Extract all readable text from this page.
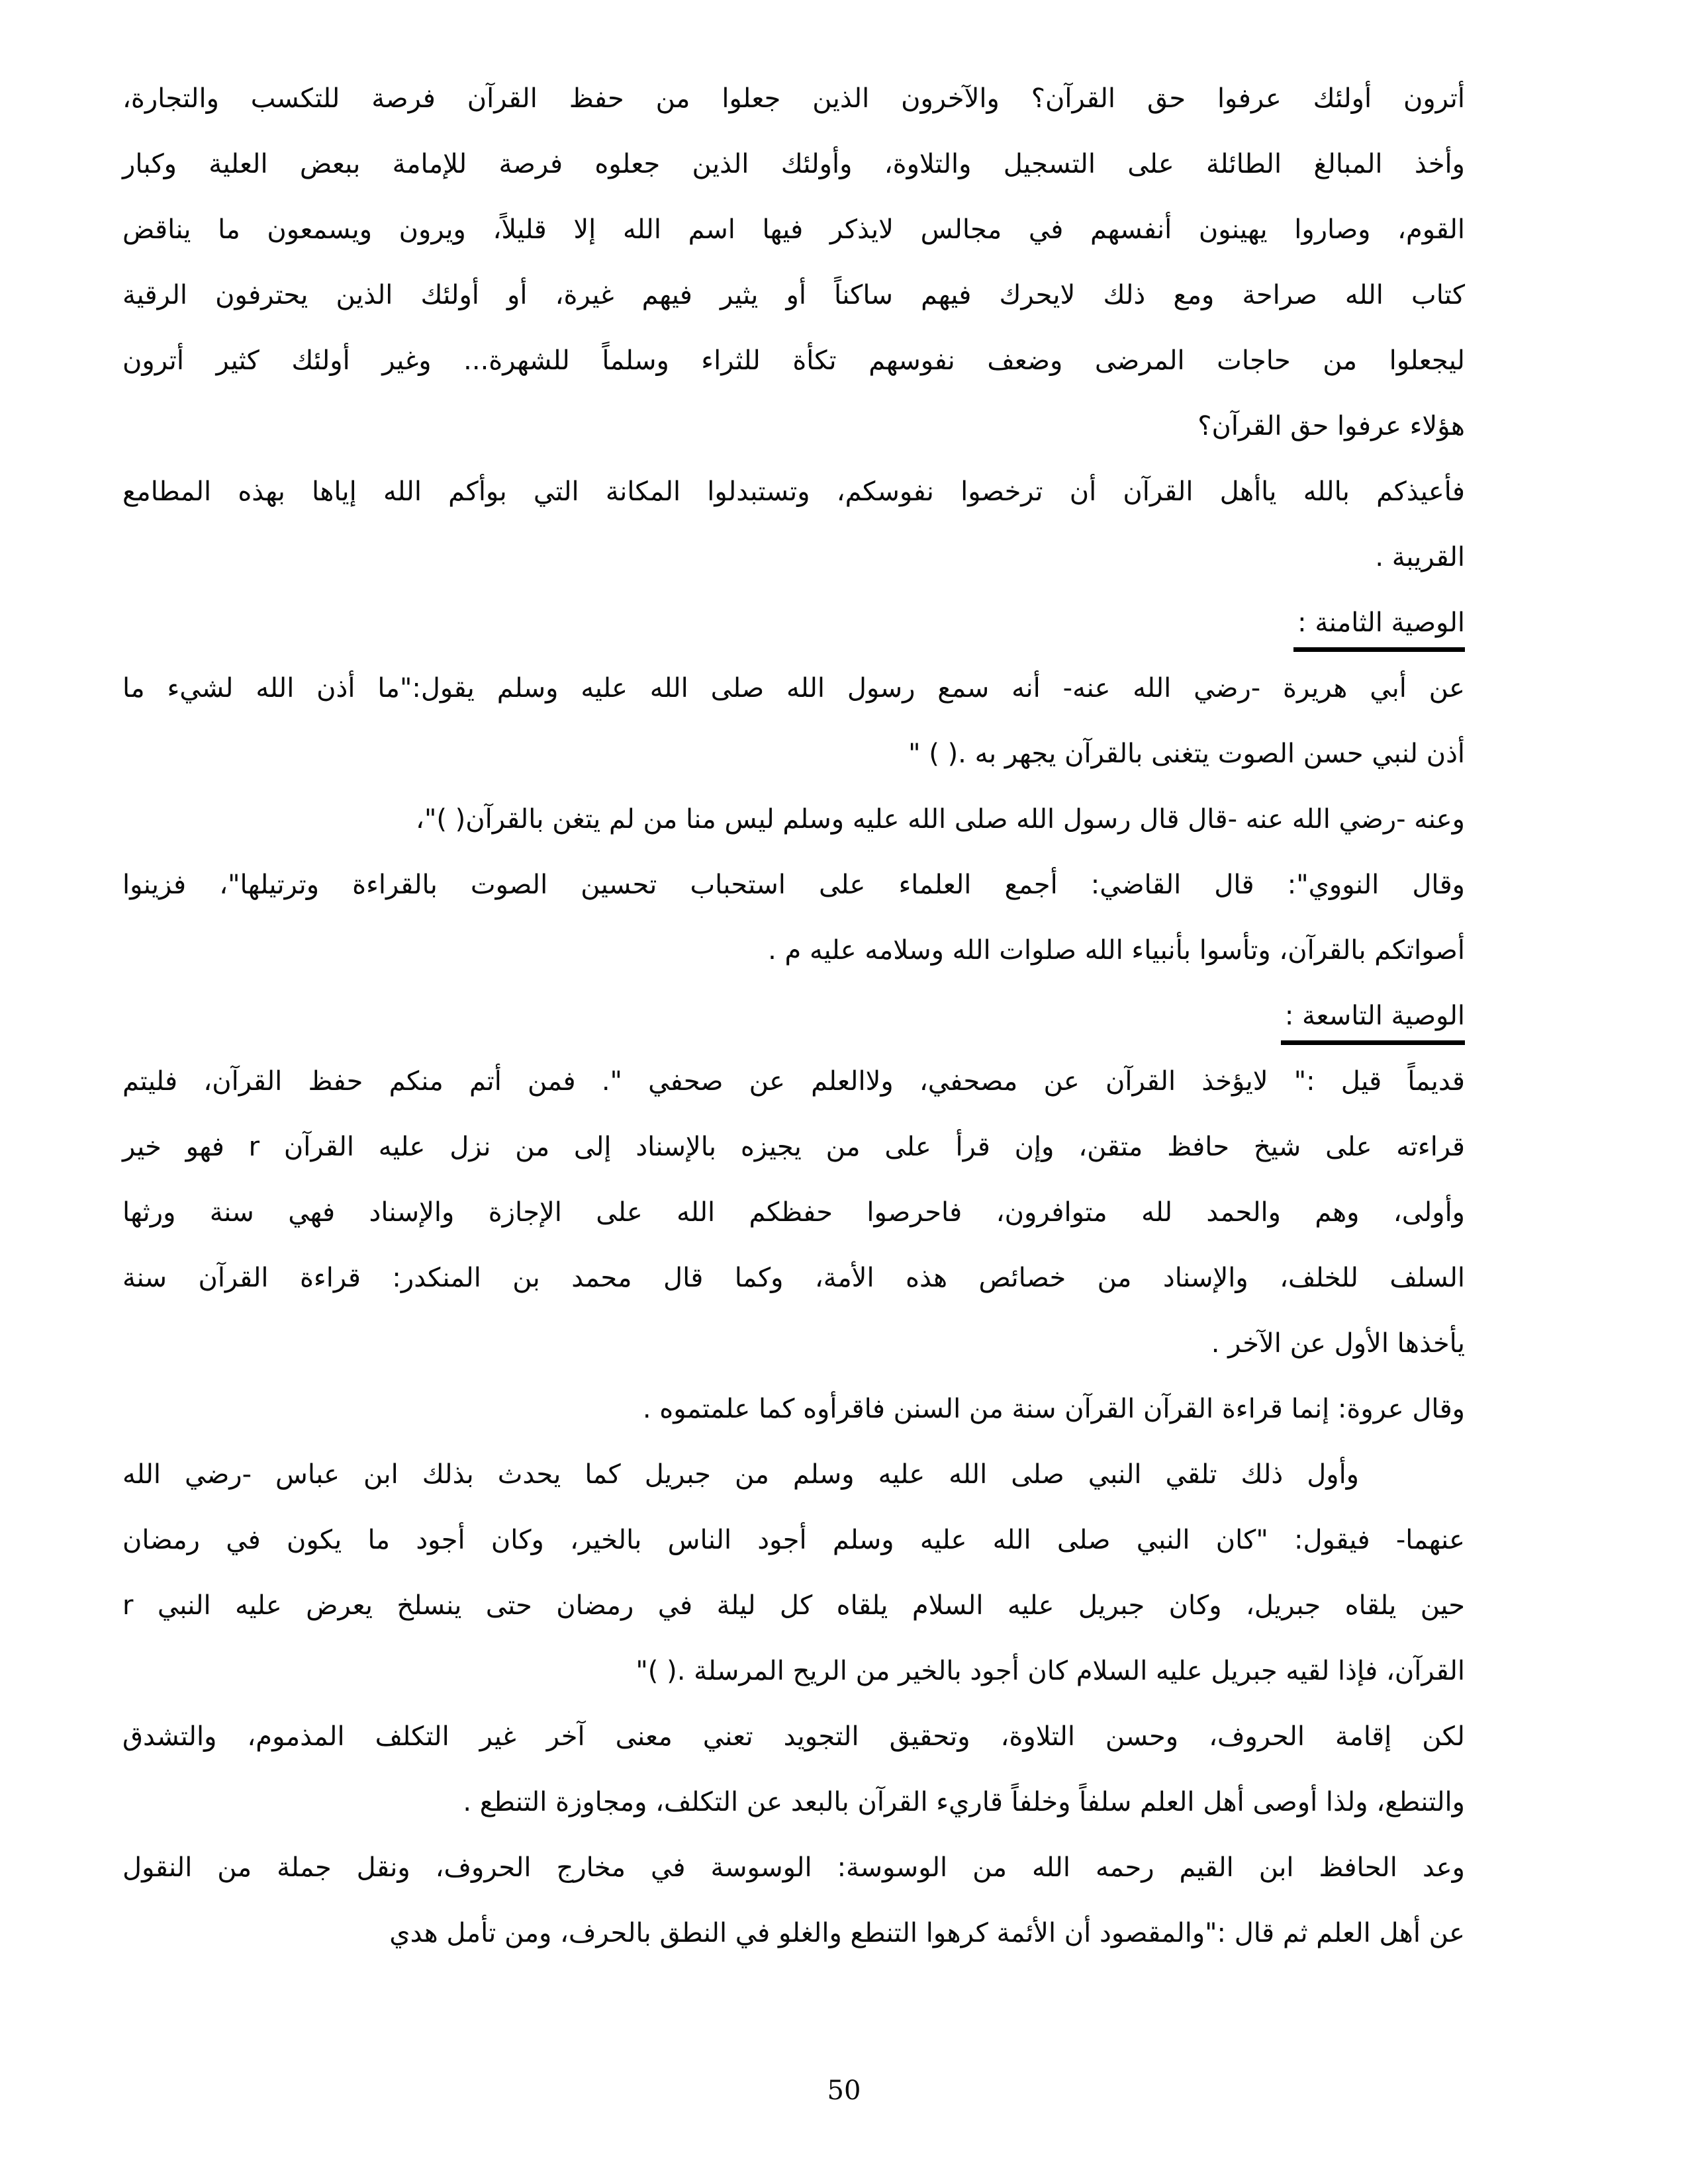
أترون أولئك عرفوا حق القرآن؟ والآخرون الذين جعلوا من حفظ القرآن فرصة للتكسب والتجارة،
وأخذ المبالغ الطائلة على التسجيل والتلاوة، وأولئك الذين جعلوه فرصة للإمامة ببعض العلية وكبار
القوم، وصاروا يهينون أنفسهم في مجالس لايذكر فيها اسم الله إلا قليلاً، ويرون ويسمعون ما يناقض
كتاب الله صراحة ومع ذلك لايحرك فيهم ساكناً أو يثير فيهم غيرة، أو أولئك الذين يحترفون الرقية
ليجعلوا من حاجات المرضى وضعف نفوسهم تكأة للثراء وسلماً للشهرة... وغير أولئك كثير أترون
هؤلاء عرفوا حق القرآن؟
فأعيذكم بالله ياأهل القرآن أن ترخصوا نفوسكم، وتستبدلوا المكانة التي بوأكم الله إياها بهذه المطامع
القريبة .
الوصية الثامنة :
عن أبي هريرة -رضي الله عنه- أنه سمع رسول الله صلى الله عليه وسلم يقول:"ما أذن الله لشيء ما
أذن لنبي حسن الصوت يتغنى بالقرآن يجهر به .( ) "
وعنه -رضي الله عنه -قال قال رسول الله صلى الله عليه وسلم ليس منا من لم يتغن بالقرآن( )"،
وقال النووي": قال القاضي: أجمع العلماء على استحباب تحسين الصوت بالقراءة وترتيلها"، فزينوا
أصواتكم بالقرآن، وتأسوا بأنبياء الله صلوات الله وسلامه عليه م .
الوصية التاسعة :
قديماً قيل :" لايؤخذ القرآن عن مصحفي، ولاالعلم عن صحفي ". فمن أتم منكم حفظ القرآن، فليتم
قراءته على شيخ حافظ متقن، وإن قرأ على من يجيزه بالإسناد إلى من نزل عليه القرآن r فهو خير
وأولى، وهم والحمد لله متوافرون، فاحرصوا حفظكم الله على الإجازة والإسناد فهي سنة ورثها
السلف للخلف، والإسناد من خصائص هذه الأمة، وكما قال محمد بن المنكدر: قراءة القرآن سنة
يأخذها الأول عن الآخر .
وقال عروة: إنما قراءة القرآن القرآن سنة من السنن فاقرأوه كما علمتموه .
وأول ذلك تلقي النبي صلى الله عليه وسلم من جبريل كما يحدث بذلك ابن عباس -رضي الله
عنهما- فيقول: "كان النبي صلى الله عليه وسلم أجود الناس بالخير، وكان أجود ما يكون في رمضان
حين يلقاه جبريل، وكان جبريل عليه السلام يلقاه كل ليلة في رمضان حتى ينسلخ يعرض عليه النبي r
القرآن، فإذا لقيه جبريل عليه السلام كان أجود بالخير من الريح المرسلة .( )"
لكن إقامة الحروف، وحسن التلاوة، وتحقيق التجويد تعني معنى آخر غير التكلف المذموم، والتشدق
والتنطع، ولذا أوصى أهل العلم سلفاً وخلفاً قاريء القرآن بالبعد عن التكلف، ومجاوزة التنطع .
وعد الحافظ ابن القيم رحمه الله من الوسوسة: الوسوسة في مخارج الحروف، ونقل جملة من النقول
عن أهل العلم ثم قال :"والمقصود أن الأئمة كرهوا التنطع والغلو في النطق بالحرف، ومن تأمل هدي
50
